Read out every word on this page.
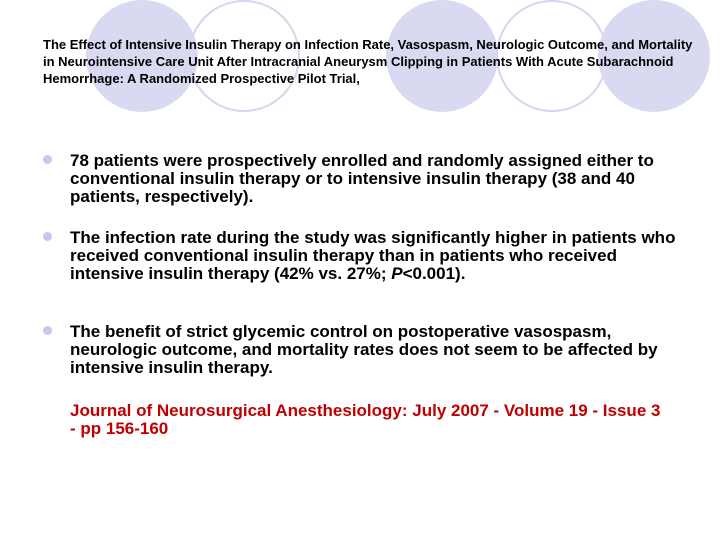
The Effect of Intensive Insulin Therapy on Infection Rate, Vasospasm, Neurologic Outcome, and Mortality in Neurointensive Care Unit After Intracranial Aneurysm Clipping in Patients With Acute Subarachnoid Hemorrhage: A Randomized Prospective Pilot Trial,

78 patients were prospectively enrolled and randomly assigned either to conventional insulin therapy or to intensive insulin therapy (38 and 40 patients, respectively).
The infection rate during the study was significantly higher in patients who received conventional insulin therapy than in patients who received intensive insulin therapy (42% vs. 27%; P<0.001).
The benefit of strict glycemic control on postoperative vasospasm, neurologic outcome, and mortality rates does not seem to be affected by intensive insulin therapy.

Journal of Neurosurgical Anesthesiology: July 2007 - Volume 19 - Issue 3 - pp 156-160
